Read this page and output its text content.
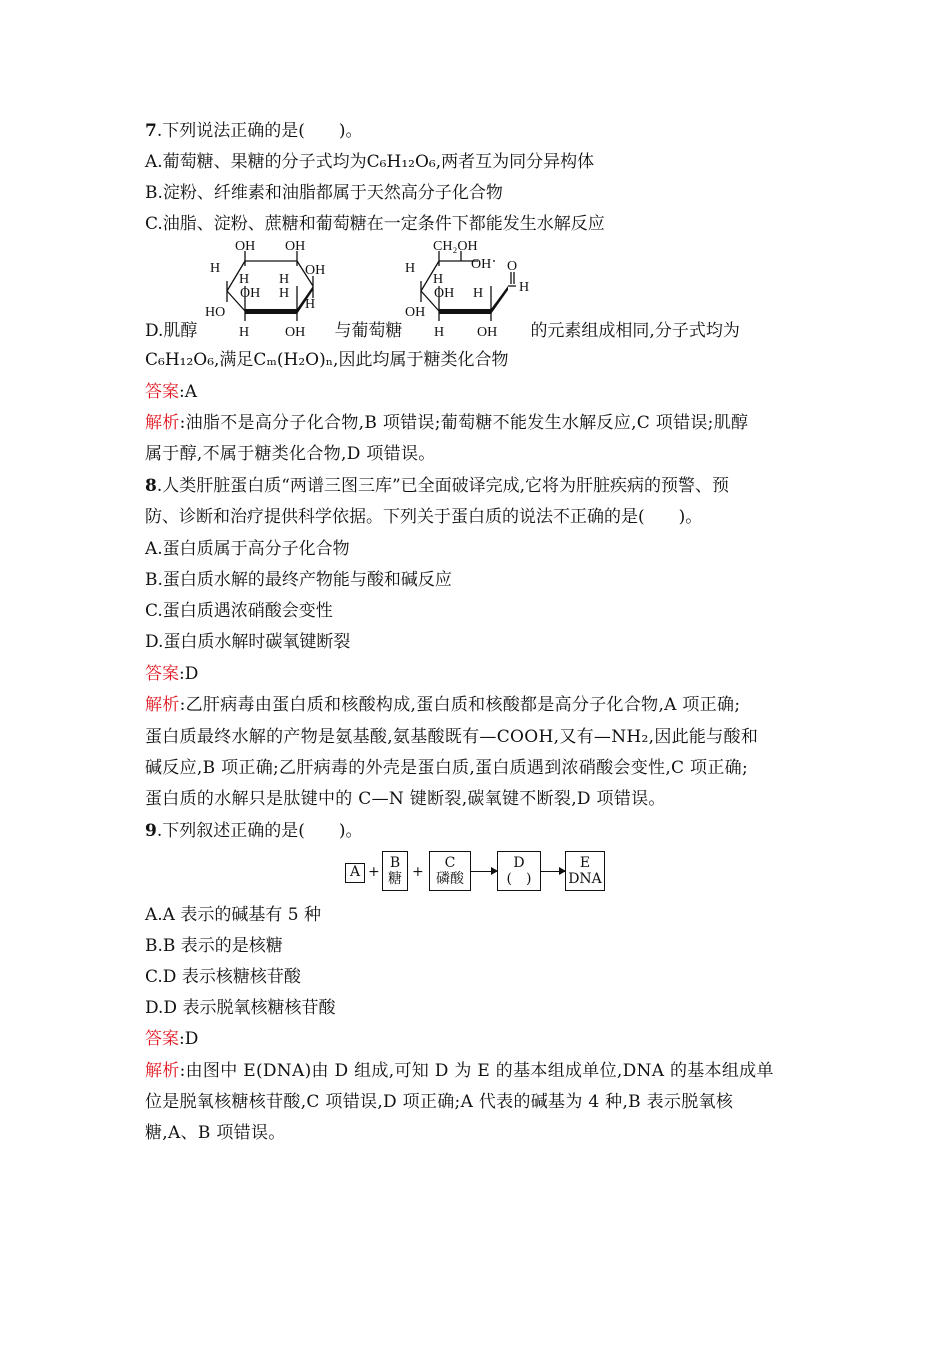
7.下列说法正确的是(　　)。
A.葡萄糖、果糖的分子式均为C₆H₁₂O₆,两者互为同分异构体
B.淀粉、纤维素和油脂都属于天然高分子化合物
C.油脂、淀粉、蔗糖和葡萄糖在一定条件下都能发生水解反应
OH OH
H
H H
OH
OH H
H
HO
H	OH
CH₂OH
H	OH O
H
H
OH H
OH
H OH
D.肌醇	与葡萄糖	的元素组成相同,分子式均为
C₆H₁₂O₆,满足Cₘ(H₂O)ₙ,因此均属于糖类化合物
答案:A
解析:油脂不是高分子化合物,B 项错误;葡萄糖不能发生水解反应,C 项错误;肌醇
属于醇,不属于糖类化合物,D 项错误。
8.人类肝脏蛋白质“两谱三图三库”已全面破译完成,它将为肝脏疾病的预警、预
防、诊断和治疗提供科学依据。下列关于蛋白质的说法不正确的是(　　)。
A.蛋白质属于高分子化合物
B.蛋白质水解的最终产物能与酸和碱反应
C.蛋白质遇浓硝酸会变性
D.蛋白质水解时碳氧键断裂
答案:D
解析:乙肝病毒由蛋白质和核酸构成,蛋白质和核酸都是高分子化合物,A 项正确;
蛋白质最终水解的产物是氨基酸,氨基酸既有—COOH,又有—NH₂,因此能与酸和
碱反应,B 项正确;乙肝病毒的外壳是蛋白质,蛋白质遇到浓硝酸会变性,C 项正确;
蛋白质的水解只是肽键中的 C—N 键断裂,碳氧键不断裂,D 项错误。
9.下列叙述正确的是(　　)。
A +
B
糖 +
C
磷酸
D
(　)
E
DNA
A.A 表示的碱基有 5 种
B.B 表示的是核糖
C.D 表示核糖核苷酸
D.D 表示脱氧核糖核苷酸
答案:D
解析:由图中 E(DNA)由 D 组成,可知 D 为 E 的基本组成单位,DNA 的基本组成单
位是脱氧核糖核苷酸,C 项错误,D 项正确;A 代表的碱基为 4 种,B 表示脱氧核
糖,A、B 项错误。
